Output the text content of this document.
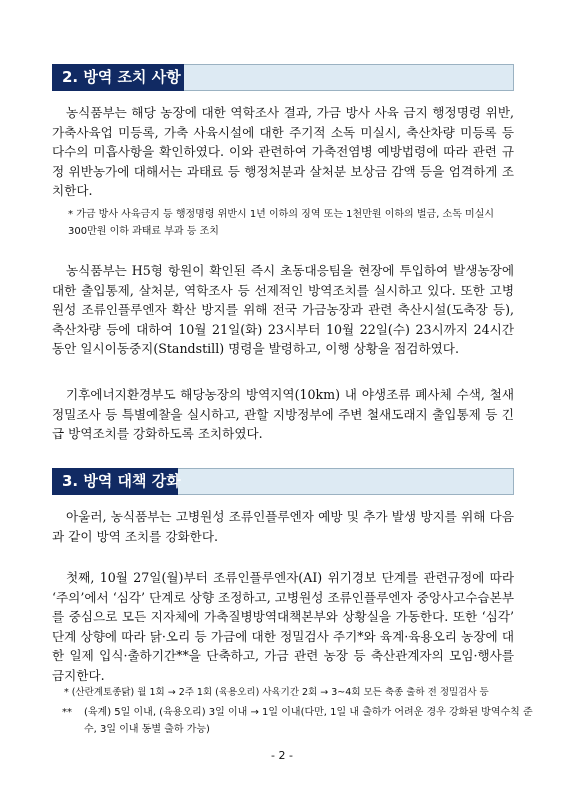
2. 방역 조치 사항

농식품부는 해당 농장에 대한 역학조사 결과, 가금 방사 사육 금지 행정명령 위반, 가축사육업 미등록, 가축 사육시설에 대한 주기적 소독 미실시, 축산차량 미등록 등 다수의 미흡사항을 확인하였다. 이와 관련하여 가축전염병 예방법령에 따라 관련 규정 위반농가에 대해서는 과태료 등 행정처분과 살처분 보상금 감액 등을 엄격하게 조치한다.

* 가금 방사 사육금지 등 행정명령 위반시 1년 이하의 징역 또는 1천만원 이하의 벌금, 소독 미실시 300만원 이하 과태료 부과 등 조치

농식품부는 H5형 항원이 확인된 즉시 초동대응팀을 현장에 투입하여 발생농장에 대한 출입통제, 살처분, 역학조사 등 선제적인 방역조치를 실시하고 있다. 또한 고병원성 조류인플루엔자 확산 방지를 위해 전국 가금농장과 관련 축산시설(도축장 등), 축산차량 등에 대하여 10월 21일(화) 23시부터 10월 22일(수) 23시까지 24시간 동안 일시이동중지(Standstill) 명령을 발령하고, 이행 상황을 점검하였다.

기후에너지환경부도 해당농장의 방역지역(10km) 내 야생조류 폐사체 수색, 철새 정밀조사 등 특별예찰을 실시하고, 관할 지방정부에 주변 철새도래지 출입통제 등 긴급 방역조치를 강화하도록 조치하였다.

3. 방역 대책 강화

아울러, 농식품부는 고병원성 조류인플루엔자 예방 및 추가 발생 방지를 위해 다음과 같이 방역 조치를 강화한다.

첫째, 10월 27일(월)부터 조류인플루엔자(AI) 위기경보 단계를 관련규정에 따라 ‘주의’에서 ‘심각’ 단계로 상향 조정하고, 고병원성 조류인플루엔자 중앙사고수습본부를 중심으로 모든 지자체에 가축질병방역대책본부와 상황실을 가동한다. 또한 ‘심각’ 단계 상향에 따라 닭·오리 등 가금에 대한 정밀검사 주기*와 육계·육용오리 농장에 대한 일제 입식·출하기간**을 단축하고, 가금 관련 농장 등 축산관계자의 모임·행사를 금지한다.

* (산란계토종닭) 월 1회 → 2주 1회 (육용오리) 사육기간 2회 → 3~4회 모든 축종 출하 전 정밀검사 등

** (육계) 5일 이내, (육용오리) 3일 이내 → 1일 이내(다만, 1일 내 출하가 어려운 경우 강화된 방역수칙 준수, 3일 이내 동별 출하 가능)

- 2 -
